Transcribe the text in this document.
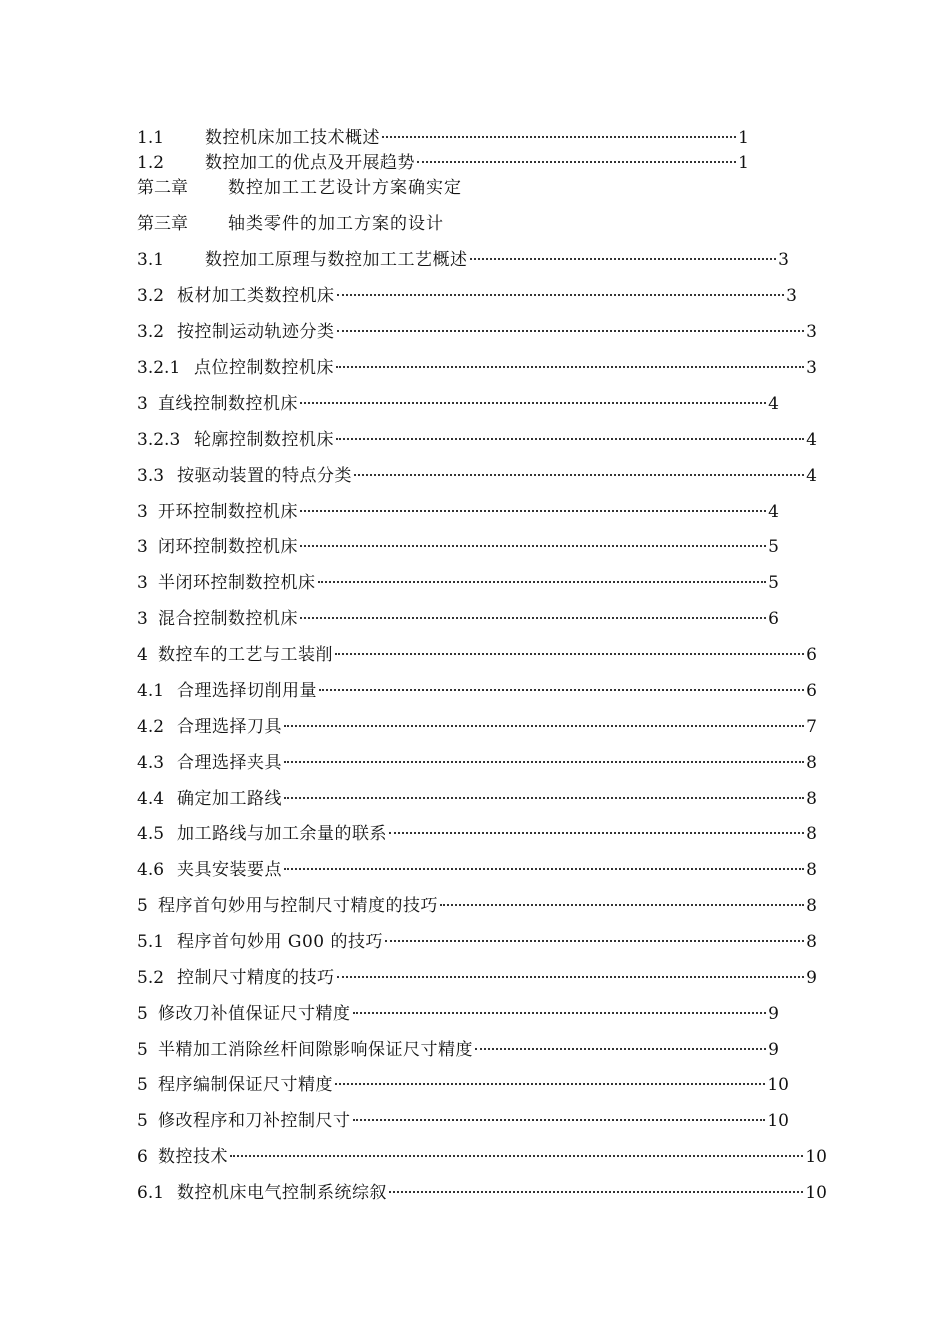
1.1	数控机床加工技术概述	1
1.2	数控加工的优点及开展趋势	1
第二章	数控加工工艺设计方案确实定
第三章	轴类零件的加工方案的设计
3.1	数控加工原理与数控加工工艺概述	3
3.2 板材加工类数控机床	3
3.2 按控制运动轨迹分类	3
3.2.1 点位控制数控机床	3
3 直线控制数控机床	4
3.2.3 轮廓控制数控机床	4
3.3 按驱动装置的特点分类	4
3 开环控制数控机床	4
3 闭环控制数控机床	5
3 半闭环控制数控机床	5
3 混合控制数控机床	6
4 数控车的工艺与工装削	6
4.1 合理选择切削用量	6
4.2 合理选择刀具	7
4.3 合理选择夹具	8
4.4 确定加工路线	8
4.5 加工路线与加工余量的联系	8
4.6 夹具安装要点	8
5 程序首句妙用与控制尺寸精度的技巧	8
5.1 程序首句妙用 G00 的技巧	8
5.2 控制尺寸精度的技巧	9
5 修改刀补值保证尺寸精度	9
5 半精加工消除丝杆间隙影响保证尺寸精度	9
5 程序编制保证尺寸精度	10
5 修改程序和刀补控制尺寸	10
6 数控技术	10
6.1 数控机床电气控制系统综叙	10
